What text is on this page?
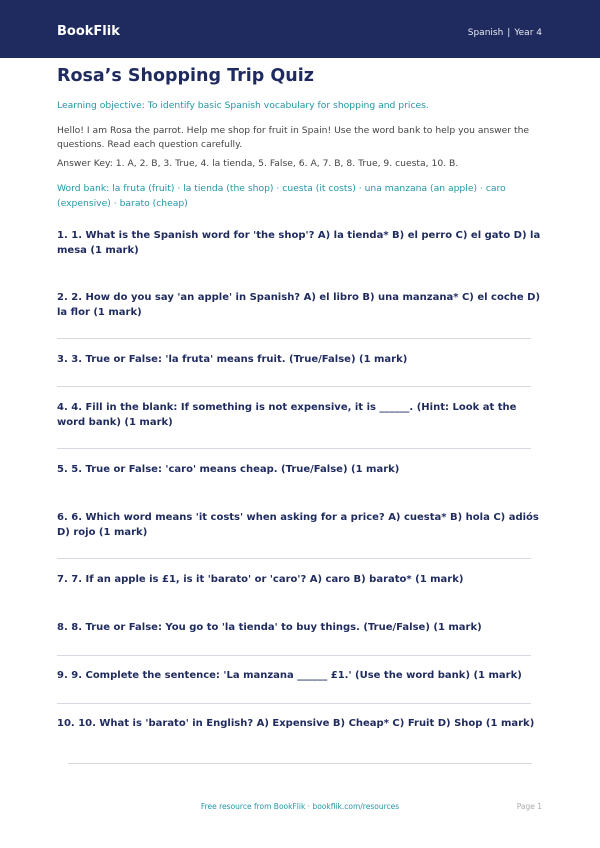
BookFlik	Spanish | Year 4
Rosa’s Shopping Trip Quiz
Learning objective: To identify basic Spanish vocabulary for shopping and prices.
Hello! I am Rosa the parrot. Help me shop for fruit in Spain! Use the word bank to help you answer the questions. Read each question carefully.
Answer Key: 1. A, 2. B, 3. True, 4. la tienda, 5. False, 6. A, 7. B, 8. True, 9. cuesta, 10. B.
Word bank: la fruta (fruit) · la tienda (the shop) · cuesta (it costs) · una manzana (an apple) · caro (expensive) · barato (cheap)
1. 1. What is the Spanish word for 'the shop'? A) la tienda* B) el perro C) el gato D) la mesa (1 mark)
2. 2. How do you say 'an apple' in Spanish? A) el libro B) una manzana* C) el coche D) la flor (1 mark)
3. 3. True or False: 'la fruta' means fruit. (True/False) (1 mark)
4. 4. Fill in the blank: If something is not expensive, it is ______. (Hint: Look at the word bank) (1 mark)
5. 5. True or False: 'caro' means cheap. (True/False) (1 mark)
6. 6. Which word means 'it costs' when asking for a price? A) cuesta* B) hola C) adiós D) rojo (1 mark)
7. 7. If an apple is £1, is it 'barato' or 'caro'? A) caro B) barato* (1 mark)
8. 8. True or False: You go to 'la tienda' to buy things. (True/False) (1 mark)
9. 9. Complete the sentence: 'La manzana ______ £1.' (Use the word bank) (1 mark)
10. 10. What is 'barato' in English? A) Expensive B) Cheap* C) Fruit D) Shop (1 mark)
Free resource from BookFlik · bookflik.com/resources	Page 1
